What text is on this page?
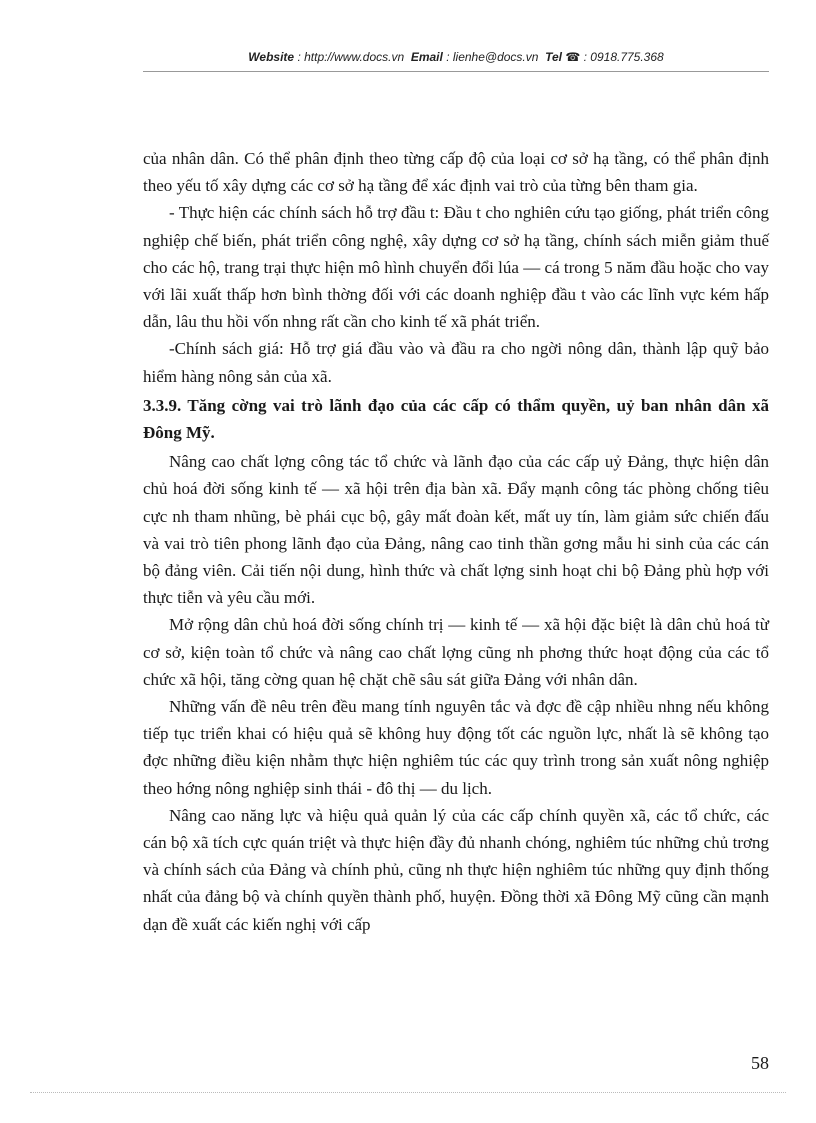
Website : http://www.docs.vn Email : lienhe@docs.vn Tel ☎ : 0918.775.368

của nhân dân. Có thể phân định theo từng cấp độ của loại cơ sở hạ tầng, có thể phân định theo yếu tố xây dựng các cơ sở hạ tầng để xác định vai trò của từng bên tham gia.

- Thực hiện các chính sách hỗ trợ đầu t: Đầu t cho nghiên cứu tạo giống, phát triển công nghiệp chế biến, phát triển công nghệ, xây dựng cơ sở hạ tầng, chính sách miễn giảm thuế cho các hộ, trang trại thực hiện mô hình chuyển đổi lúa — cá trong 5 năm đầu hoặc cho vay với lãi xuất thấp hơn bình thờng đối với các doanh nghiệp đầu t vào các lĩnh vực kém hấp dẫn, lâu thu hồi vốn nhng rất cần cho kinh tế xã phát triển.

-Chính sách giá: Hỗ trợ giá đầu vào và đầu ra cho ngời nông dân, thành lập quỹ bảo hiểm hàng nông sản của xã.

3.3.9. Tăng cờng vai trò lãnh đạo của các cấp có thẩm quyền, uỷ ban nhân dân xã Đông Mỹ.

Nâng cao chất lợng công tác tổ chức và lãnh đạo của các cấp uỷ Đảng, thực hiện dân chủ hoá đời sống kinh tế — xã hội trên địa bàn xã. Đẩy mạnh công tác phòng chống tiêu cực nh tham nhũng, bè phái cục bộ, gây mất đoàn kết, mất uy tín, làm giảm sức chiến đấu và vai trò tiên phong lãnh đạo của Đảng, nâng cao tinh thần gơng mẫu hi sinh của các cán bộ đảng viên. Cải tiến nội dung, hình thức và chất lợng sinh hoạt chi bộ Đảng phù hợp với thực tiễn và yêu cầu mới.

Mở rộng dân chủ hoá đời sống chính trị — kinh tế — xã hội đặc biệt là dân chủ hoá từ cơ sở, kiện toàn tổ chức và nâng cao chất lợng cũng nh phơng thức hoạt động của các tổ chức xã hội, tăng cờng quan hệ chặt chẽ sâu sát giữa Đảng với nhân dân.

Những vấn đề nêu trên đều mang tính nguyên tắc và đợc đề cập nhiều nhng nếu không tiếp tục triển khai có hiệu quả sẽ không huy động tốt các nguồn lực, nhất là sẽ không tạo đợc những điều kiện nhằm thực hiện nghiêm túc các quy trình trong sản xuất nông nghiệp theo hớng nông nghiệp sinh thái - đô thị — du lịch.

Nâng cao năng lực và hiệu quả quản lý của các cấp chính quyền xã, các tổ chức, các cán bộ xã tích cực quán triệt và thực hiện đầy đủ nhanh chóng, nghiêm túc những chủ trơng và chính sách của Đảng và chính phủ, cũng nh thực hiện nghiêm túc những quy định thống nhất của đảng bộ và chính quyền thành phố, huyện. Đồng thời xã Đông Mỹ cũng cần mạnh dạn đề xuất các kiến nghị với cấp

58
